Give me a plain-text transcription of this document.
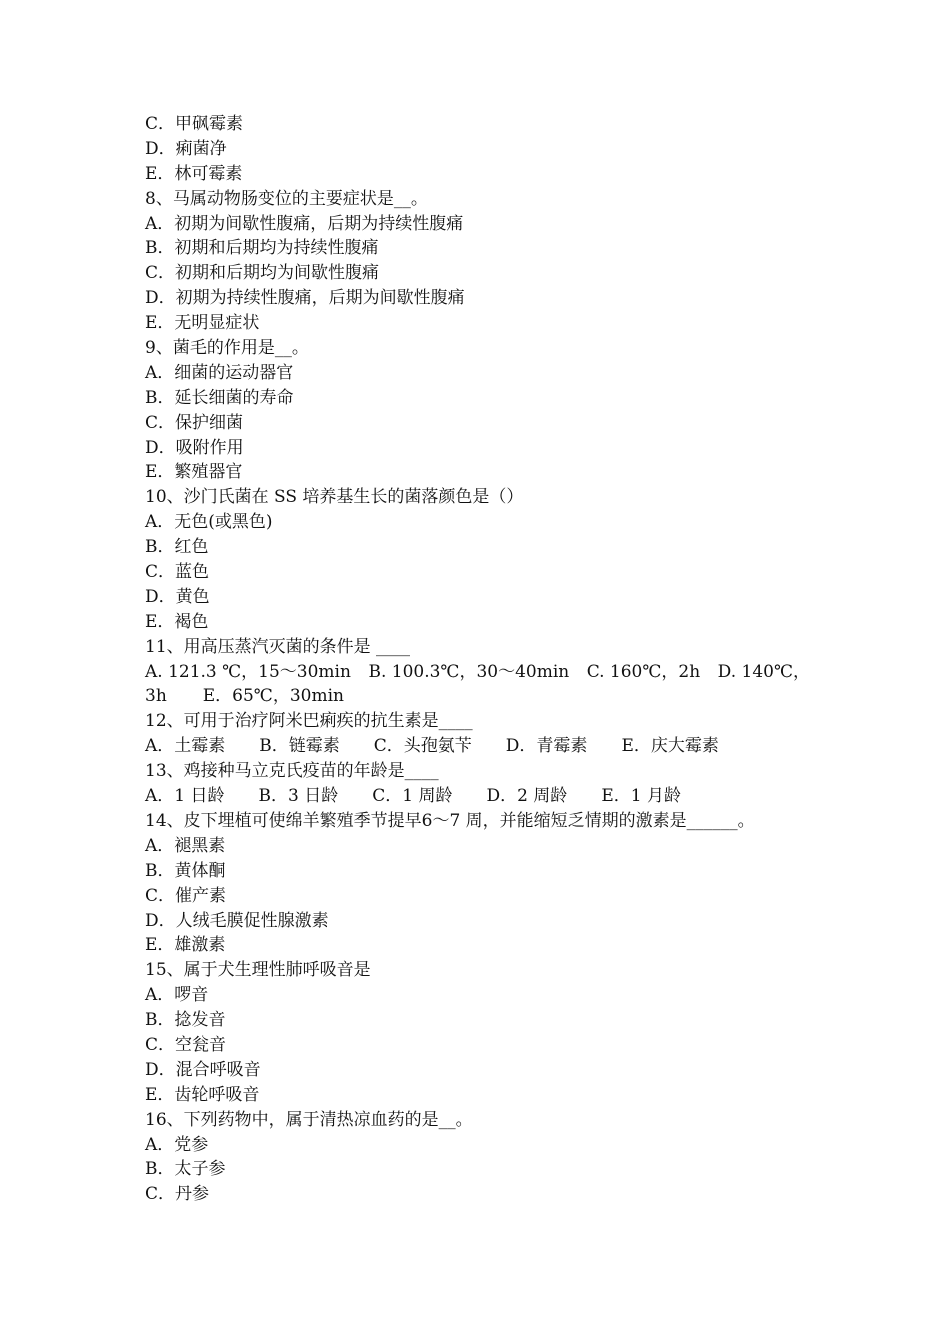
C．甲砜霉素
D．痢菌净
E．林可霉素
8、马属动物肠变位的主要症状是__。
A．初期为间歇性腹痛，后期为持续性腹痛
B．初期和后期均为持续性腹痛
C．初期和后期均为间歇性腹痛
D．初期为持续性腹痛，后期为间歇性腹痛
E．无明显症状
9、菌毛的作用是__。
A．细菌的运动器官
B．延长细菌的寿命
C．保护细菌
D．吸附作用
E．繁殖器官
10、沙门氏菌在 SS 培养基生长的菌落颜色是（）
A．无色(或黑色)
B．红色
C．蓝色
D．黄色
E．褐色
11、用高压蒸汽灭菌的条件是 ____
A. 121.3 ℃，15～30min B. 100.3℃，30～40min C. 160℃，2h D. 140℃，
3h E．65℃，30min
12、可用于治疗阿米巴痢疾的抗生素是____
A．土霉素 B．链霉素 C．头孢氨苄 D．青霉素 E．庆大霉素
13、鸡接种马立克氏疫苗的年龄是____
A．1 日龄 B．3 日龄 C．1 周龄 D．2 周龄 E．1 月龄
14、皮下埋植可使绵羊繁殖季节提早6～7 周，并能缩短乏情期的激素是______。
A．褪黑素
B．黄体酮
C．催产素
D．人绒毛膜促性腺激素
E．雄激素
15、属于犬生理性肺呼吸音是
A．啰音
B．捻发音
C．空瓮音
D．混合呼吸音
E．齿轮呼吸音
16、下列药物中，属于清热凉血药的是__。
A．党参
B．太子参
C．丹参
